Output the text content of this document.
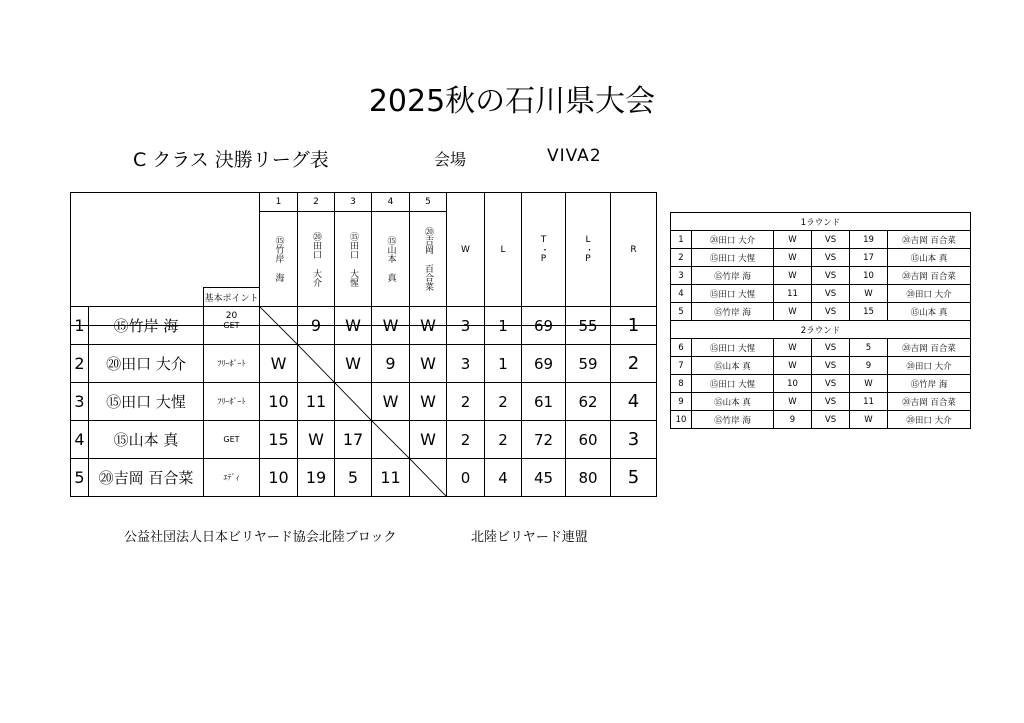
2025秋の石川県大会
C クラス 決勝リーグ表	会場	VIVA2
			1	2	3	4	5	W	L	T・P	L・P	R

			⑮竹岸 海	⑳田口 大介	⑮田口 大惺	⑮山本 真	⑳吉岡 百合菜					

		基本ポイント										
		20										
1	⑮竹岸 海	GET		9	W	W	W	3	1	69	55	1
2	⑳田口 大介	ﾌﾘｰﾎﾟｰﾄ	W		W	9	W	3	1	69	59	2
3	⑮田口 大惺	ﾌﾘｰﾎﾟｰﾄ	10	11		W	W	2	2	61	62	4
4	⑮山本 真	GET	15	W	17		W	2	2	72	60	3
5	⑳吉岡 百合菜	ｴﾃﾞｨ	10	19	5	11		0	4	45	80	5
1ラウンド					
1	⑳田口 大介	W	VS	19	⑳吉岡 百合菜
2	⑮田口 大惺	W	VS	17	⑮山本 真
3	⑮竹岸 海	W	VS	10	⑳吉岡 百合菜
4	⑮田口 大惺	11	VS	W	⑳田口 大介
5	⑮竹岸 海	W	VS	15	⑮山本 真
2ラウンド					
6	⑮田口 大惺	W	VS	5	⑳吉岡 百合菜
7	⑮山本 真	W	VS	9	⑳田口 大介
8	⑮田口 大惺	10	VS	W	⑮竹岸 海
9	⑮山本 真	W	VS	11	⑳吉岡 百合菜
10	⑮竹岸 海	9	VS	W	⑳田口 大介
公益社団法人日本ビリヤード協会北陸ブロック	北陸ビリヤード連盟
